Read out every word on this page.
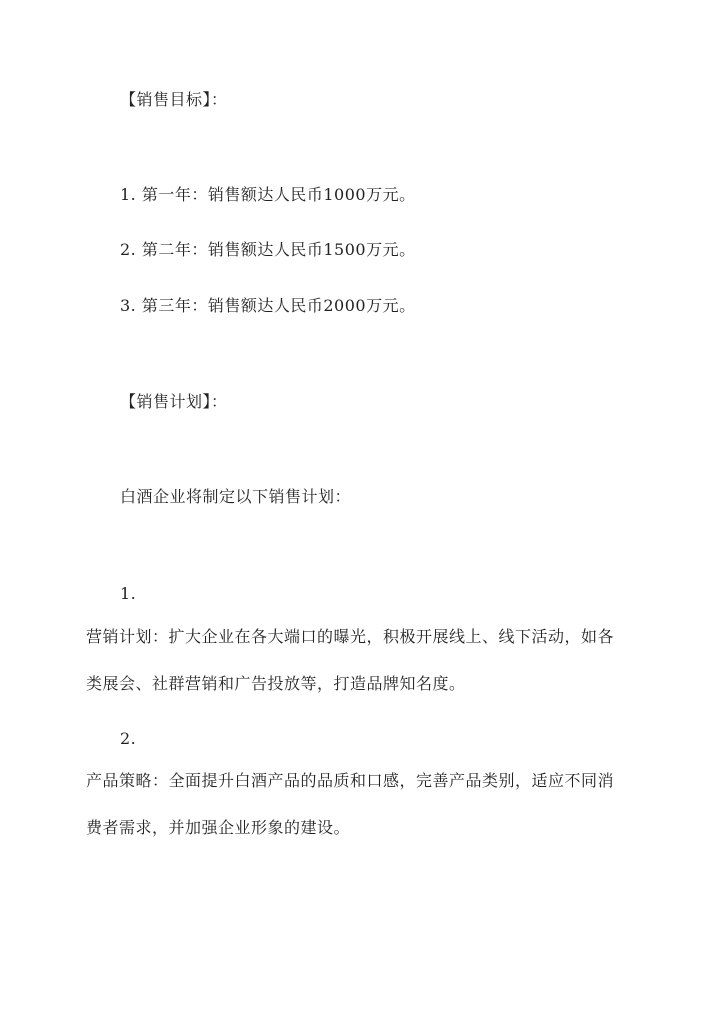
【销售目标】：
1. 第一年：销售额达人民币1000万元。
2. 第二年：销售额达人民币1500万元。
3. 第三年：销售额达人民币2000万元。
【销售计划】：
白酒企业将制定以下销售计划：
1.
营销计划：扩大企业在各大端口的曝光，积极开展线上、线下活动，如各
类展会、社群营销和广告投放等，打造品牌知名度。
2.
产品策略：全面提升白酒产品的品质和口感，完善产品类别，适应不同消
费者需求，并加强企业形象的建设。
